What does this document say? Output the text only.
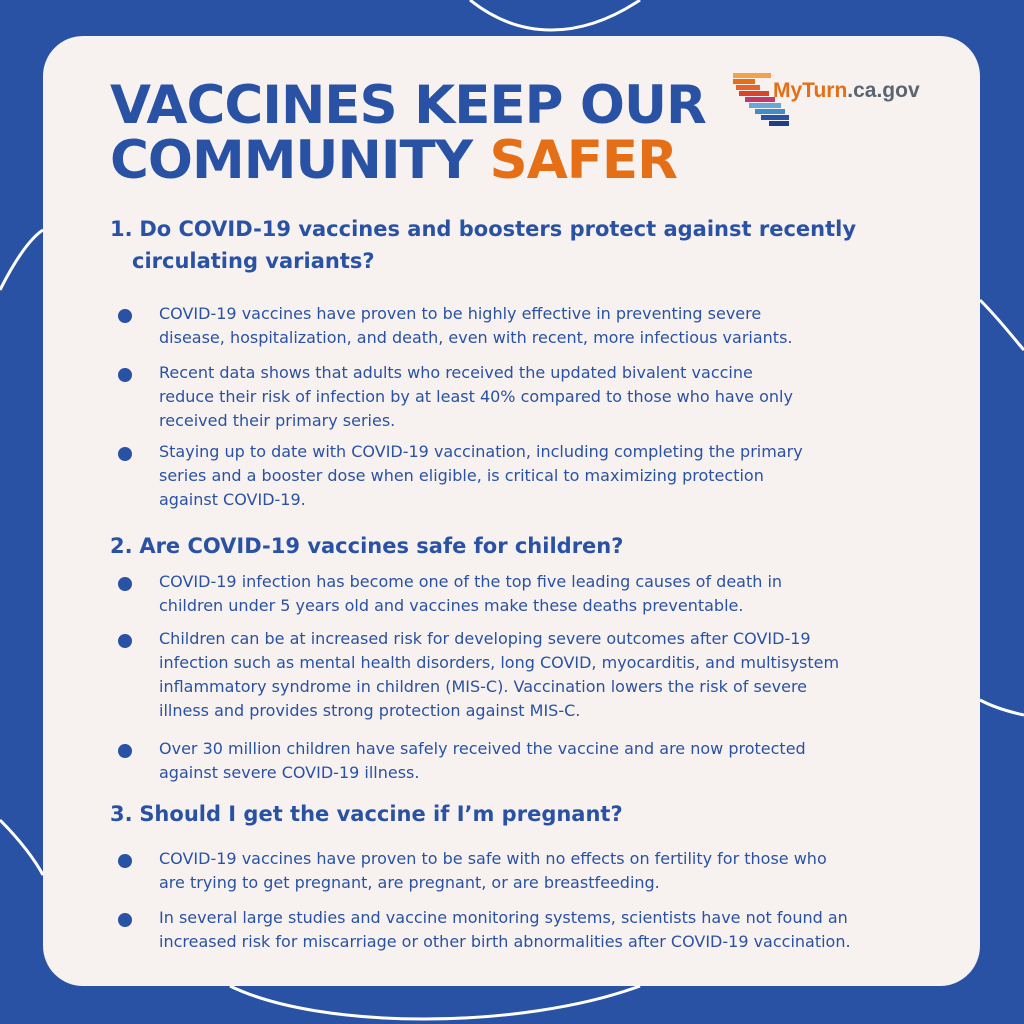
VACCINES KEEP OUR
COMMUNITY SAFER
MyTurn.ca.gov
1. Do COVID-19 vaccines and boosters protect against recently
circulating variants?
COVID-19 vaccines have proven to be highly effective in preventing severe
disease, hospitalization, and death, even with recent, more infectious variants.
Recent data shows that adults who received the updated bivalent vaccine
reduce their risk of infection by at least 40% compared to those who have only
received their primary series.
Staying up to date with COVID-19 vaccination, including completing the primary
series and a booster dose when eligible, is critical to maximizing protection
against COVID-19.
2. Are COVID-19 vaccines safe for children?
COVID-19 infection has become one of the top five leading causes of death in
children under 5 years old and vaccines make these deaths preventable.
Children can be at increased risk for developing severe outcomes after COVID-19
infection such as mental health disorders, long COVID, myocarditis, and multisystem
inflammatory syndrome in children (MIS-C). Vaccination lowers the risk of severe
illness and provides strong protection against MIS-C.
Over 30 million children have safely received the vaccine and are now protected
against severe COVID-19 illness.
3. Should I get the vaccine if I’m pregnant?
COVID-19 vaccines have proven to be safe with no effects on fertility for those who
are trying to get pregnant, are pregnant, or are breastfeeding.
In several large studies and vaccine monitoring systems, scientists have not found an
increased risk for miscarriage or other birth abnormalities after COVID-19 vaccination.
